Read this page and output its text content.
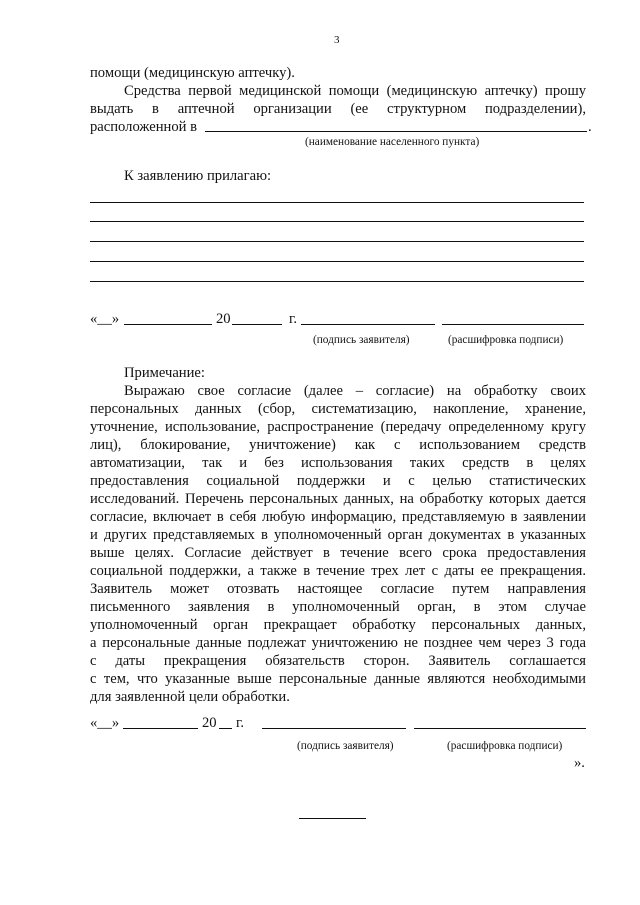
3
помощи (медицинскую аптечку).
Средства первой медицинской помощи (медицинскую аптечку) прошу
выдать в аптечной организации (ее структурном подразделении),
расположенной в	.
(наименование населенного пункта)
К заявлению прилагаю:
«__»	20	г.
(подпись заявителя)	(расшифровка подписи)
Примечание:
Выражаю свое согласие (далее – согласие) на обработку своих
персональных данных (сбор, систематизацию, накопление, хранение,
уточнение, использование, распространение (передачу определенному кругу
лиц), блокирование, уничтожение) как с использованием средств
автоматизации, так и без использования таких средств в целях
предоставления социальной поддержки и с целью статистических
исследований. Перечень персональных данных, на обработку которых дается
согласие, включает в себя любую информацию, представляемую в заявлении
и других представляемых в уполномоченный орган документах в указанных
выше целях. Согласие действует в течение всего срока предоставления
социальной поддержки, а также в течение трех лет с даты ее прекращения.
Заявитель может отозвать настоящее согласие путем направления
письменного заявления в уполномоченный орган, в этом случае
уполномоченный орган прекращает обработку персональных данных,
а персональные данные подлежат уничтожению не позднее чем через 3 года
с даты прекращения обязательств сторон. Заявитель соглашается
с тем, что указанные выше персональные данные являются необходимыми
для заявленной цели обработки.
«__»	20 г.
(подпись заявителя)	(расшифровка подписи)
».
